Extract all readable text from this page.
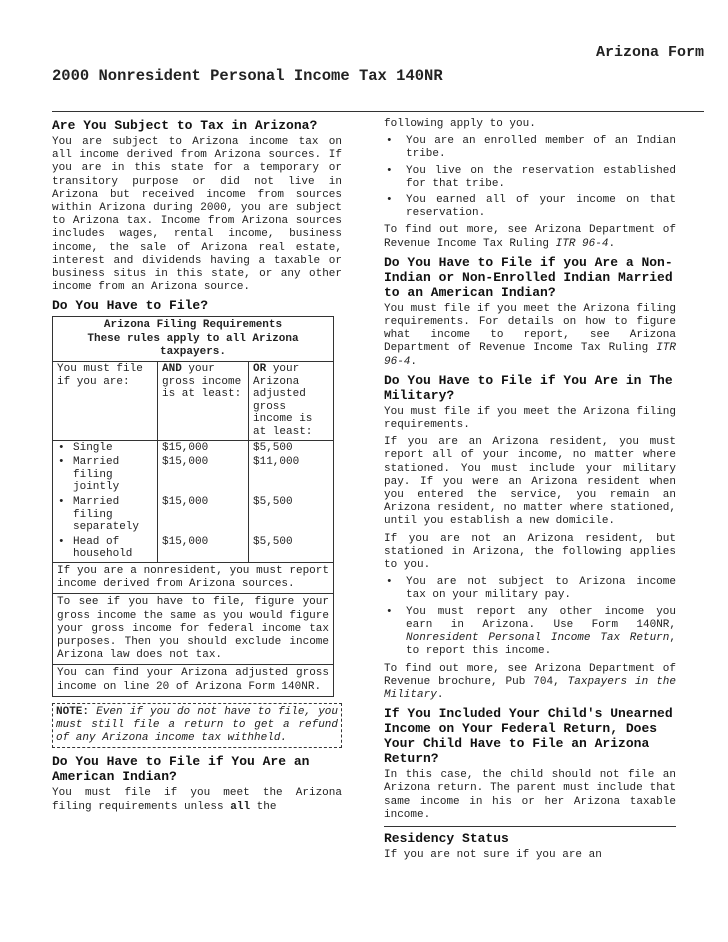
Arizona Form
2000 Nonresident Personal Income Tax 140NR
Are You Subject to Tax in Arizona?

You are subject to Arizona income tax on all income derived from Arizona sources. If you are in this state for a temporary or transitory purpose or did not live in Arizona but received income from sources within Arizona during 2000, you are subject to Arizona tax. Income from Arizona sources includes wages, rental income, business income, the sale of Arizona real estate, interest and dividends having a taxable or business situs in this state, or any other income from an Arizona source.

Do You Have to File?
Arizona Filing Requirements
These rules apply to all Arizona taxpayers.
You must file if you are:	AND your gross income is at least:	OR your Arizona adjusted gross income is at least:
• Single	$15,000	$5,500
• Married filing jointly	$15,000	$11,000
• Married filing separately	$15,000	$5,500
• Head of household	$15,000	$5,500
If you are a nonresident, you must report income derived from Arizona sources.
To see if you have to file, figure your gross income the same as you would figure your gross income for federal income tax purposes. Then you should exclude income Arizona law does not tax.
You can find your Arizona adjusted gross income on line 20 of Arizona Form 140NR.
NOTE: Even if you do not have to file, you must still file a return to get a refund of any Arizona income tax withheld.
Do You Have to File if You Are an American Indian?

You must file if you meet the Arizona filing requirements unless all the

following apply to you.

• You are an enrolled member of an Indian tribe.
• You live on the reservation established for that tribe.
• You earned all of your income on that reservation.

To find out more, see Arizona Department of Revenue Income Tax Ruling ITR 96-4.

Do You Have to File if you Are a Non-Indian or Non-Enrolled Indian Married to an American Indian?

You must file if you meet the Arizona filing requirements. For details on how to figure what income to report, see Arizona Department of Revenue Income Tax Ruling ITR 96-4.

Do You Have to File if You Are in The Military?

You must file if you meet the Arizona filing requirements.

If you are an Arizona resident, you must report all of your income, no matter where stationed. You must include your military pay. If you were an Arizona resident when you entered the service, you remain an Arizona resident, no matter where stationed, until you establish a new domicile.

If you are not an Arizona resident, but stationed in Arizona, the following applies to you.

• You are not subject to Arizona income tax on your military pay.
• You must report any other income you earn in Arizona. Use Form 140NR, Nonresident Personal Income Tax Return, to report this income.

To find out more, see Arizona Department of Revenue brochure, Pub 704, Taxpayers in the Military.

If You Included Your Child's Unearned Income on Your Federal Return, Does Your Child Have to File an Arizona Return?

In this case, the child should not file an Arizona return. The parent must include that same income in his or her Arizona taxable income.

Residency Status

If you are not sure if you are an
